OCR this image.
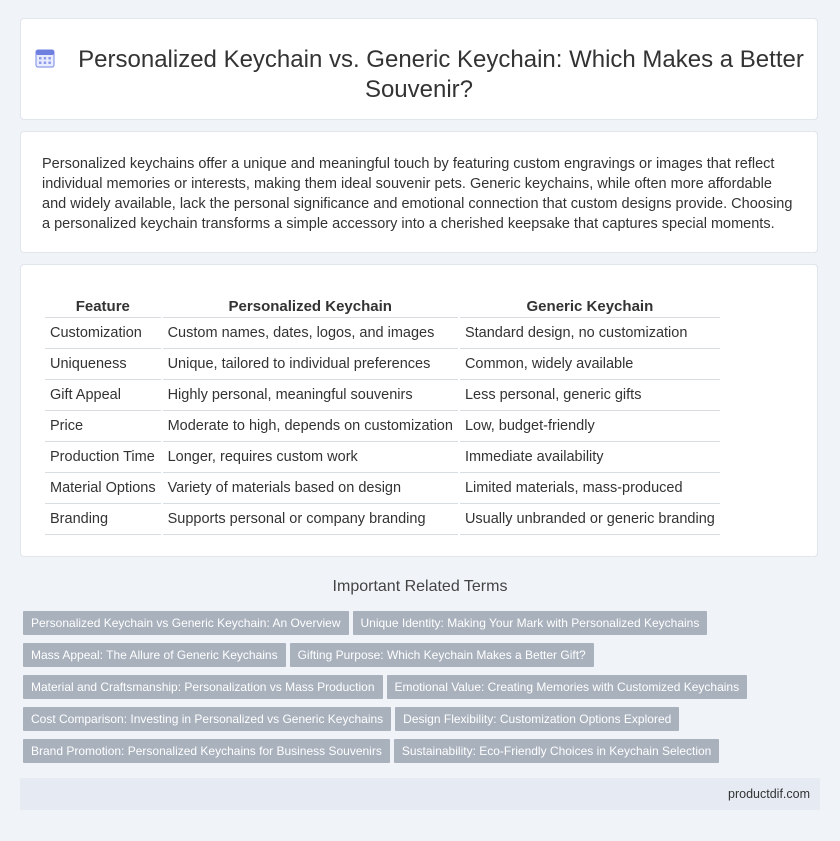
Personalized Keychain vs. Generic Keychain: Which Makes a Better Souvenir?

Personalized keychains offer a unique and meaningful touch by featuring custom engravings or images that reflect individual memories or interests, making them ideal souvenir pets. Generic keychains, while often more affordable and widely available, lack the personal significance and emotional connection that custom designs provide. Choosing a personalized keychain transforms a simple accessory into a cherished keepsake that captures special moments.

Feature	Personalized Keychain	Generic Keychain
Customization	Custom names, dates, logos, and images	Standard design, no customization
Uniqueness	Unique, tailored to individual preferences	Common, widely available
Gift Appeal	Highly personal, meaningful souvenirs	Less personal, generic gifts
Price	Moderate to high, depends on customization	Low, budget-friendly
Production Time	Longer, requires custom work	Immediate availability
Material Options	Variety of materials based on design	Limited materials, mass-produced
Branding	Supports personal or company branding	Usually unbranded or generic branding
Important Related Terms
Personalized Keychain vs Generic Keychain: An Overview Unique Identity: Making Your Mark with Personalized Keychains
Mass Appeal: The Allure of Generic Keychains Gifting Purpose: Which Keychain Makes a Better Gift?
Material and Craftsmanship: Personalization vs Mass Production Emotional Value: Creating Memories with Customized Keychains
Cost Comparison: Investing in Personalized vs Generic Keychains Design Flexibility: Customization Options Explored
Brand Promotion: Personalized Keychains for Business Souvenirs Sustainability: Eco-Friendly Choices in Keychain Selection
productdif.com
